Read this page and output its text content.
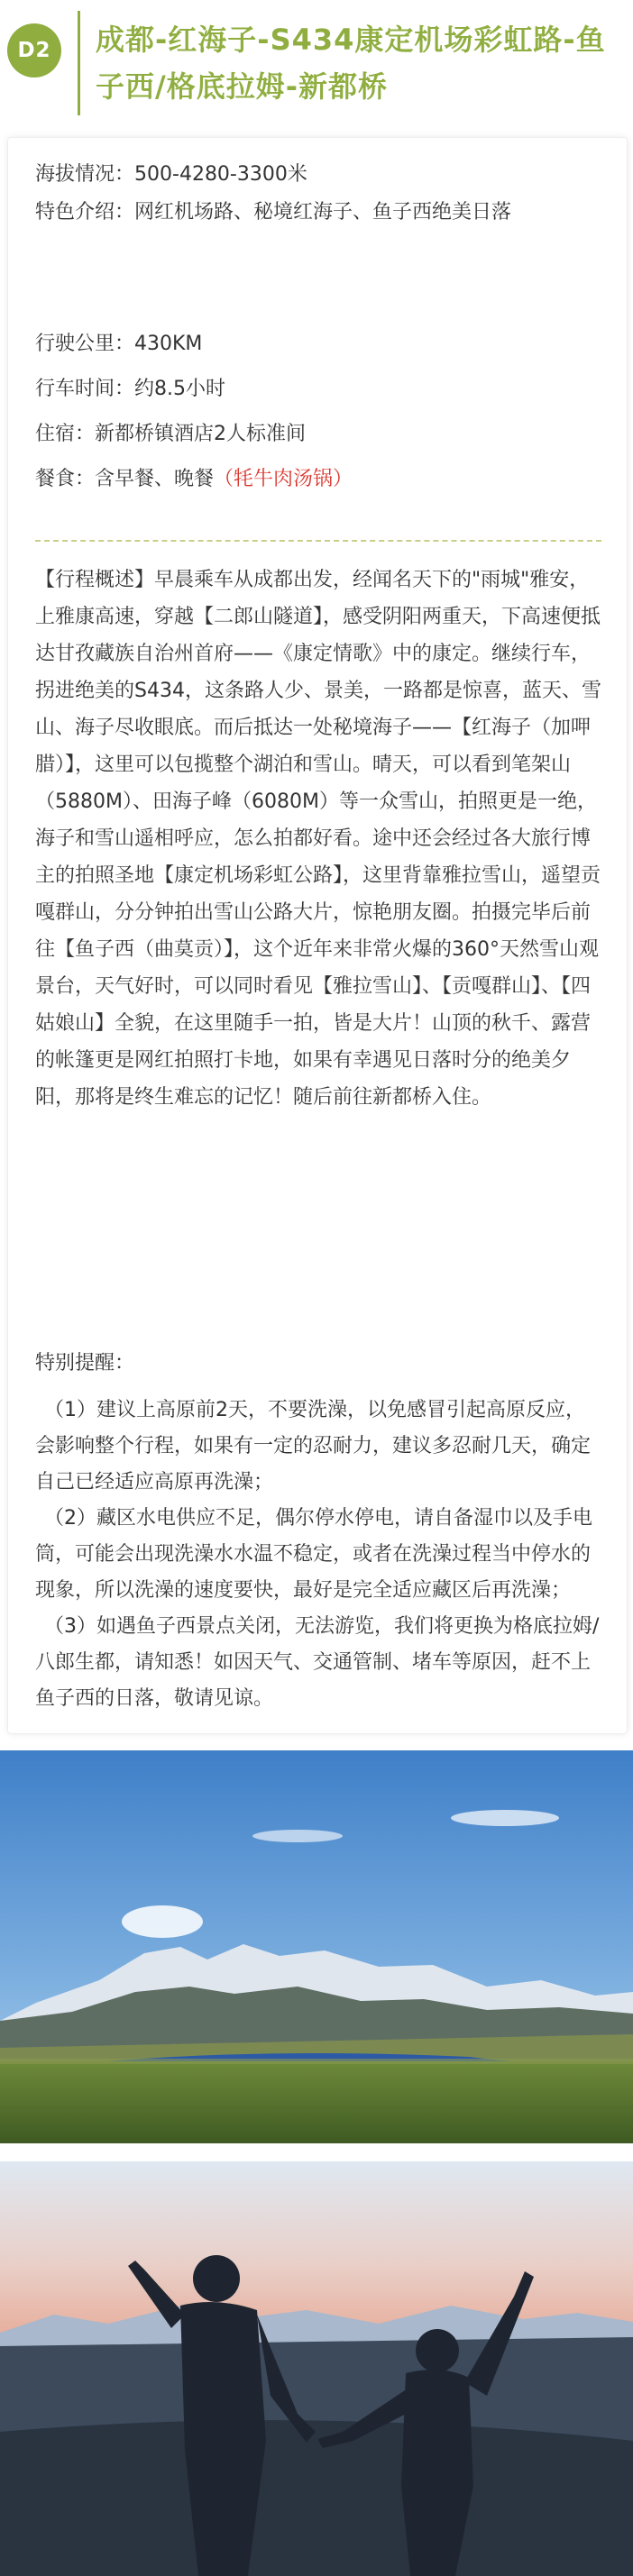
D2	成都-红海子-S434康定机场彩虹路-鱼子西/格底拉姆-新都桥
海拔情况：500-4280-3300米
特色介绍：网红机场路、秘境红海子、鱼子西绝美日落
行驶公里：430KM
行车时间：约8.5小时
住宿：新都桥镇酒店2人标准间
餐食：含早餐、晚餐（牦牛肉汤锅）

【行程概述】早晨乘车从成都出发，经闻名天下的"雨城"雅安，上雅康高速，穿越【二郎山隧道】，感受阴阳两重天，下高速便抵达甘孜藏族自治州首府——《康定情歌》中的康定。继续行车，拐进绝美的S434，这条路人少、景美，一路都是惊喜，蓝天、雪山、海子尽收眼底。而后抵达一处秘境海子——【红海子（加呷腊）】，这里可以包揽整个湖泊和雪山。晴天，可以看到笔架山（5880M）、田海子峰（6080M）等一众雪山，拍照更是一绝，海子和雪山遥相呼应，怎么拍都好看。途中还会经过各大旅行博主的拍照圣地【康定机场彩虹公路】，这里背靠雅拉雪山，遥望贡嘎群山，分分钟拍出雪山公路大片，惊艳朋友圈。拍摄完毕后前往【鱼子西（曲莫贡）】，这个近年来非常火爆的360°天然雪山观景台，天气好时，可以同时看见【雅拉雪山】、【贡嘎群山】、【四姑娘山】全貌，在这里随手一拍，皆是大片！山顶的秋千、露营的帐篷更是网红拍照打卡地，如果有幸遇见日落时分的绝美夕阳，那将是终生难忘的记忆！随后前往新都桥入住。

特别提醒：

（1）建议上高原前2天，不要洗澡，以免感冒引起高原反应，会影响整个行程，如果有一定的忍耐力，建议多忍耐几天，确定自己已经适应高原再洗澡；

（2）藏区水电供应不足，偶尔停水停电，请自备湿巾以及手电筒，可能会出现洗澡水水温不稳定，或者在洗澡过程当中停水的现象，所以洗澡的速度要快，最好是完全适应藏区后再洗澡；

（3）如遇鱼子西景点关闭，无法游览，我们将更换为格底拉姆/八郎生都，请知悉！如因天气、交通管制、堵车等原因，赶不上鱼子西的日落，敬请见谅。
